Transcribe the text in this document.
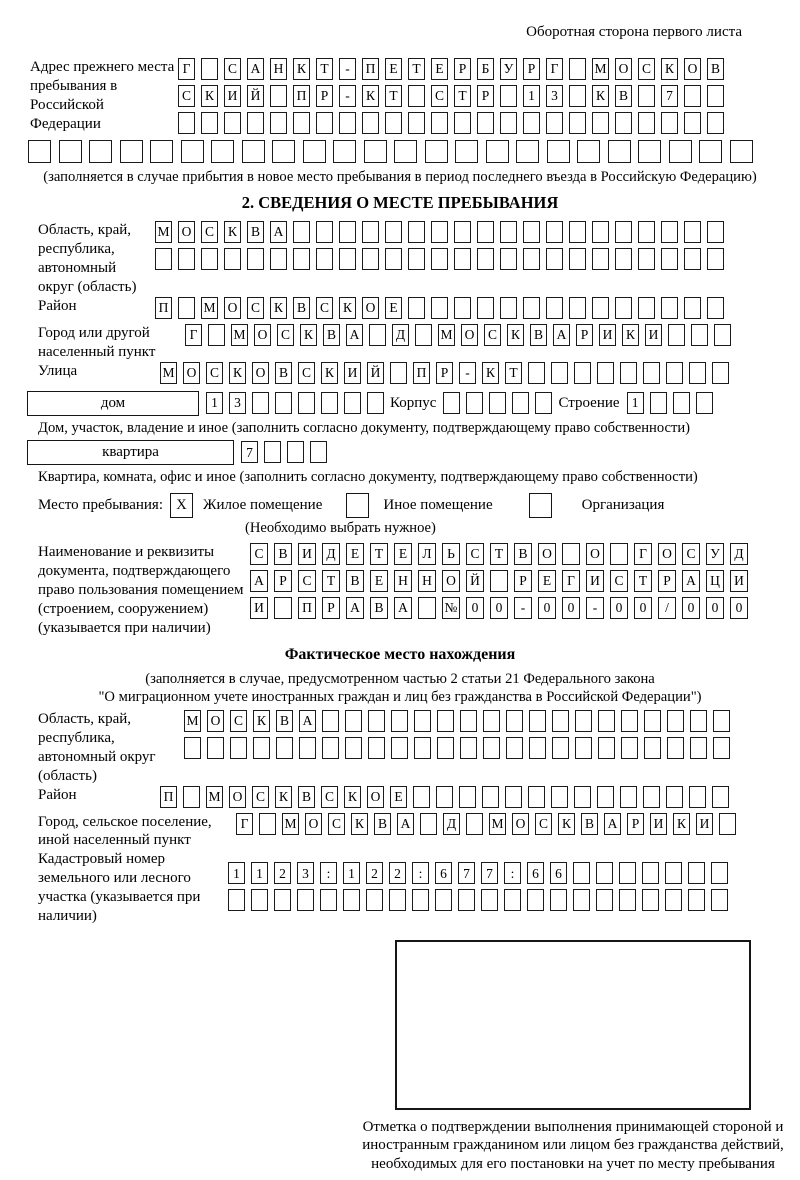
Оборотная сторона первого листа
Адрес прежнего места пребывания в Российской Федерации
Г	С А Н К	Т	-	П	Е	Т	Е	Р	Б	У	Р	Г	М О С К О В
С К И Й	П	Р	-	К	Т	С	Т	Р	1	3	К В	7
(заполняется в случае прибытия в новое место пребывания в период последнего въезда в Российскую Федерацию)
2. СВЕДЕНИЯ О МЕСТЕ ПРЕБЫВАНИЯ
Область, край, республика, автономный округ (область)
М О С К В А
Район	П	М О С К В С К О	Е
Город или другой населенный пункт
Г	М О С К В А	Д	М О С К В А	Р	И К И
Улица	М О С К О В С К И Й	П	Р	-	К	Т
дом	1	3	Корпус	Строение 1
Дом, участок, владение и иное (заполнить согласно документу, подтверждающему право собственности)
квартира	7
Квартира, комната, офис и иное (заполнить согласно документу, подтверждающему право собственности)
Место пребывания: X	Жилое помещение	Иное помещение	Организация
(Необходимо выбрать нужное)
Наименование и реквизиты документа, подтверждающего право пользования помещением (строением, сооружением) (указывается при наличии)
С	В	И	Д	Е	Т	Е	Л	Ь	С	Т	В	О	О	Г	О	С	У	Д
А	Р	С	Т	В	Е	Н	Н	О	Й	Р	Е	Г	И	С	Т	Р	А	Ц	И
И	П	Р	А	В	А	№	0	0	-	0	0	-	0	0	/	0	0	0
Фактическое место нахождения
(заполняется в случае, предусмотренном частью 2 статьи 21 Федерального закона
"О миграционном учете иностранных граждан и лиц без гражданства в Российской Федерации")
Область, край, республика, автономный округ (область)
М О С К В А
Район	П	М О С К В С К О	Е
Город, сельское поселение, иной населенный пункт
Г	М О С К В А	Д	М О С К В А	Р	И К И
Кадастровый номер земельного или лесного участка (указывается при наличии)
1	1	2	3	:	1	2	2	:	6	7	7	:	6	6
Отметка о подтверждении выполнения принимающей стороной и иностранным гражданином или лицом без гражданства действий, необходимых для его постановки на учет по месту пребывания
